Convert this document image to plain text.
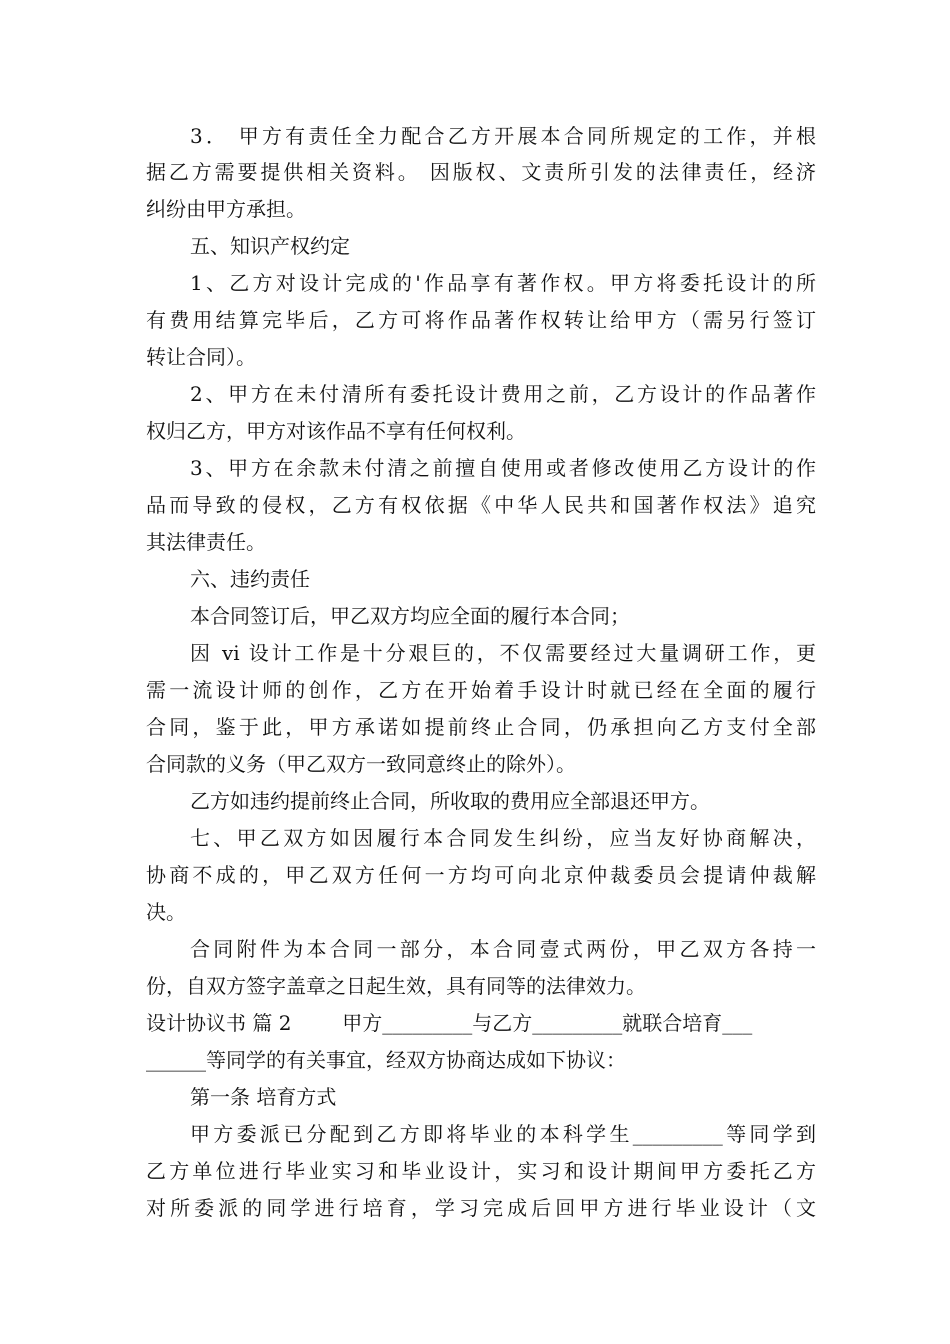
3． 甲方有责任全力配合乙方开展本合同所规定的工作，并根
据乙方需要提供相关资料。 因版权、文责所引发的法律责任，经济
纠纷由甲方承担。
五、知识产权约定
1、乙方对设计完成的'作品享有著作权。甲方将委托设计的所
有费用结算完毕后，乙方可将作品著作权转让给甲方（需另行签订
转让合同）。
2、甲方在未付清所有委托设计费用之前，乙方设计的作品著作
权归乙方，甲方对该作品不享有任何权利。
3、甲方在余款未付清之前擅自使用或者修改使用乙方设计的作
品而导致的侵权，乙方有权依据《中华人民共和国著作权法》追究
其法律责任。
六、违约责任
本合同签订后，甲乙双方均应全面的履行本合同；
因 vi 设计工作是十分艰巨的，不仅需要经过大量调研工作，更
需一流设计师的创作，乙方在开始着手设计时就已经在全面的履行
合同，鉴于此，甲方承诺如提前终止合同，仍承担向乙方支付全部
合同款的义务（甲乙双方一致同意终止的除外）。
乙方如违约提前终止合同，所收取的费用应全部退还甲方。
七、甲乙双方如因履行本合同发生纠纷，应当友好协商解决，
协商不成的，甲乙双方任何一方均可向北京仲裁委员会提请仲裁解
决。
合同附件为本合同一部分，本合同壹式两份，甲乙双方各持一
份，自双方签字盖章之日起生效，具有同等的法律效力。
设计协议书 篇 2        甲方_________与乙方_________就联合培育___
______等同学的有关事宜，经双方协商达成如下协议：
第一条 培育方式
甲方委派已分配到乙方即将毕业的本科学生_________等同学到
乙方单位进行毕业实习和毕业设计，实习和设计期间甲方委托乙方
对所委派的同学进行培育，学习完成后回甲方进行毕业设计（文
